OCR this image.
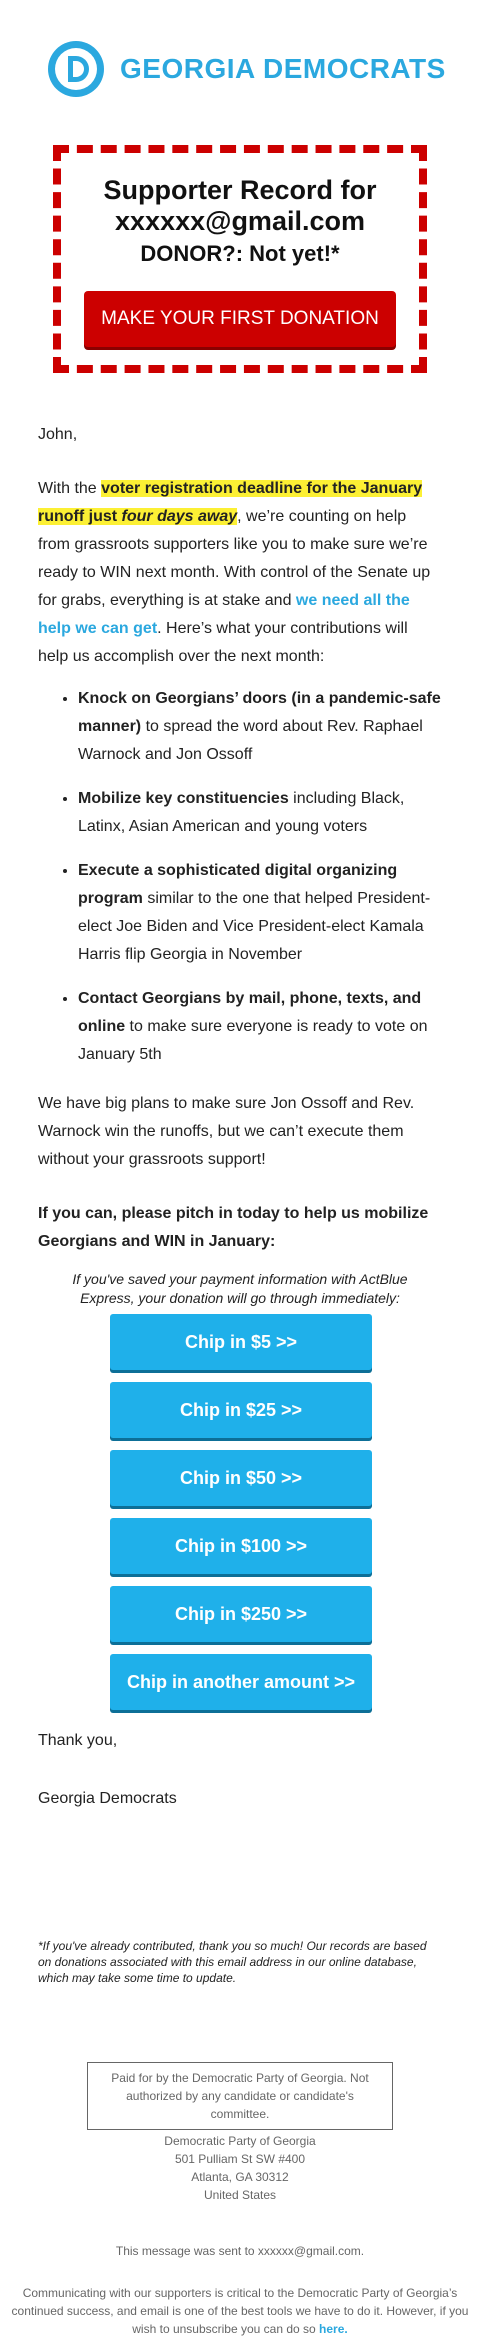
GEORGIA DEMOCRATS
Supporter Record for
xxxxxx@gmail.com
DONOR?: Not yet!*
MAKE YOUR FIRST DONATION
John,
With the voter registration deadline for the January runoff just four days away, we’re counting on help from grassroots supporters like you to make sure we’re ready to WIN next month. With control of the Senate up for grabs, everything is at stake and we need all the help we can get. Here’s what your contributions will help us accomplish over the next month:
• Knock on Georgians’ doors (in a pandemic-safe manner) to spread the word about Rev. Raphael Warnock and Jon Ossoff
• Mobilize key constituencies including Black, Latinx, Asian American and young voters
• Execute a sophisticated digital organizing program similar to the one that helped President-elect Joe Biden and Vice President-elect Kamala Harris flip Georgia in November
• Contact Georgians by mail, phone, texts, and online to make sure everyone is ready to vote on January 5th
We have big plans to make sure Jon Ossoff and Rev. Warnock win the runoffs, but we can’t execute them without your grassroots support!
If you can, please pitch in today to help us mobilize Georgians and WIN in January:
If you've saved your payment information with ActBlue Express, your donation will go through immediately:
Chip in $5 >>
Chip in $25 >>
Chip in $50 >>
Chip in $100 >>
Chip in $250 >>
Chip in another amount >>
Thank you,
Georgia Democrats
*If you've already contributed, thank you so much! Our records are based on donations associated with this email address in our online database, which may take some time to update.
Paid for by the Democratic Party of Georgia. Not authorized by any candidate or candidate's committee.
Democratic Party of Georgia
501 Pulliam St SW #400
Atlanta, GA 30312
United States
This message was sent to xxxxxx@gmail.com.
Communicating with our supporters is critical to the Democratic Party of Georgia’s continued success, and email is one of the best tools we have to do it. However, if you wish to unsubscribe you can do so here.
